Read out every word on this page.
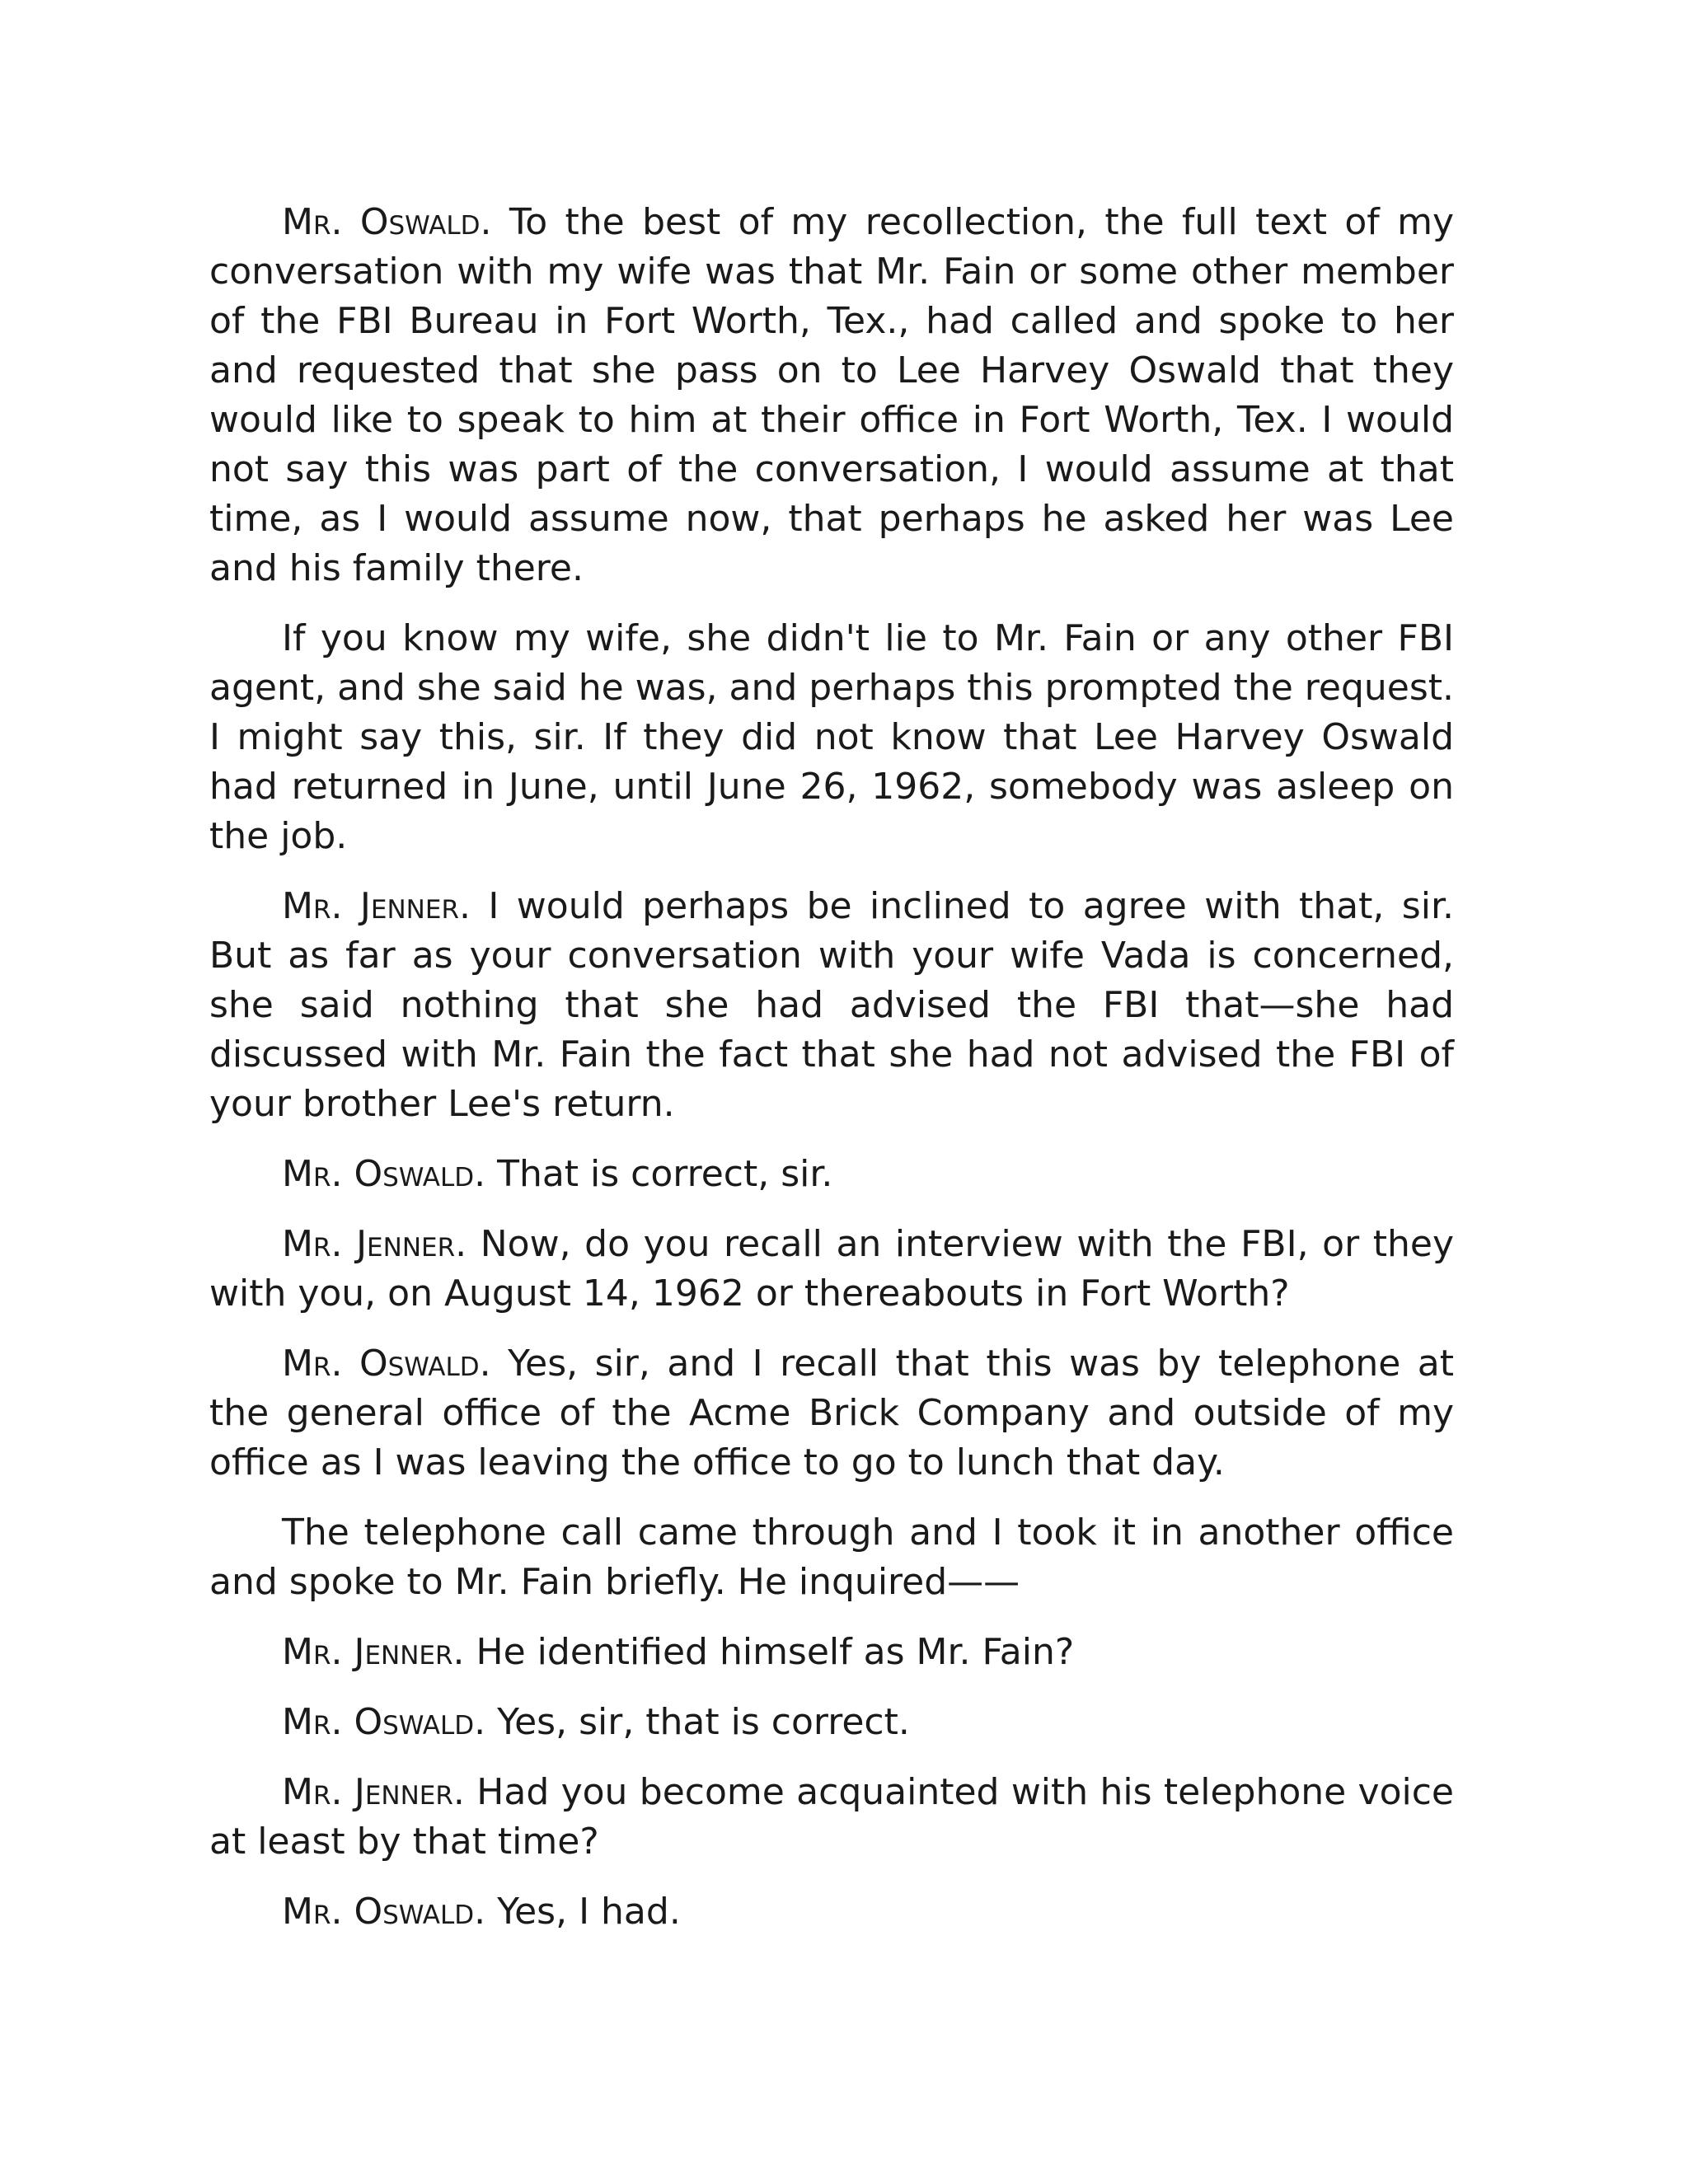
Mr. Oswald. To the best of my recollection, the full text of my conversation with my wife was that Mr. Fain or some other member of the FBI Bureau in Fort Worth, Tex., had called and spoke to her and requested that she pass on to Lee Harvey Oswald that they would like to speak to him at their office in Fort Worth, Tex. I would not say this was part of the conversation, I would assume at that time, as I would assume now, that perhaps he asked her was Lee and his family there.

If you know my wife, she didn't lie to Mr. Fain or any other FBI agent, and she said he was, and perhaps this prompted the request. I might say this, sir. If they did not know that Lee Harvey Oswald had returned in June, until June 26, 1962, somebody was asleep on the job.

Mr. Jenner. I would perhaps be inclined to agree with that, sir. But as far as your conversation with your wife Vada is concerned, she said nothing that she had advised the FBI that—she had discussed with Mr. Fain the fact that she had not advised the FBI of your brother Lee's return.

Mr. Oswald. That is correct, sir.

Mr. Jenner. Now, do you recall an interview with the FBI, or they with you, on August 14, 1962 or thereabouts in Fort Worth?

Mr. Oswald. Yes, sir, and I recall that this was by telephone at the general office of the Acme Brick Company and outside of my office as I was leaving the office to go to lunch that day.

The telephone call came through and I took it in another office and spoke to Mr. Fain briefly. He inquired——

Mr. Jenner. He identified himself as Mr. Fain?

Mr. Oswald. Yes, sir, that is correct.

Mr. Jenner. Had you become acquainted with his telephone voice at least by that time?

Mr. Oswald. Yes, I had.
